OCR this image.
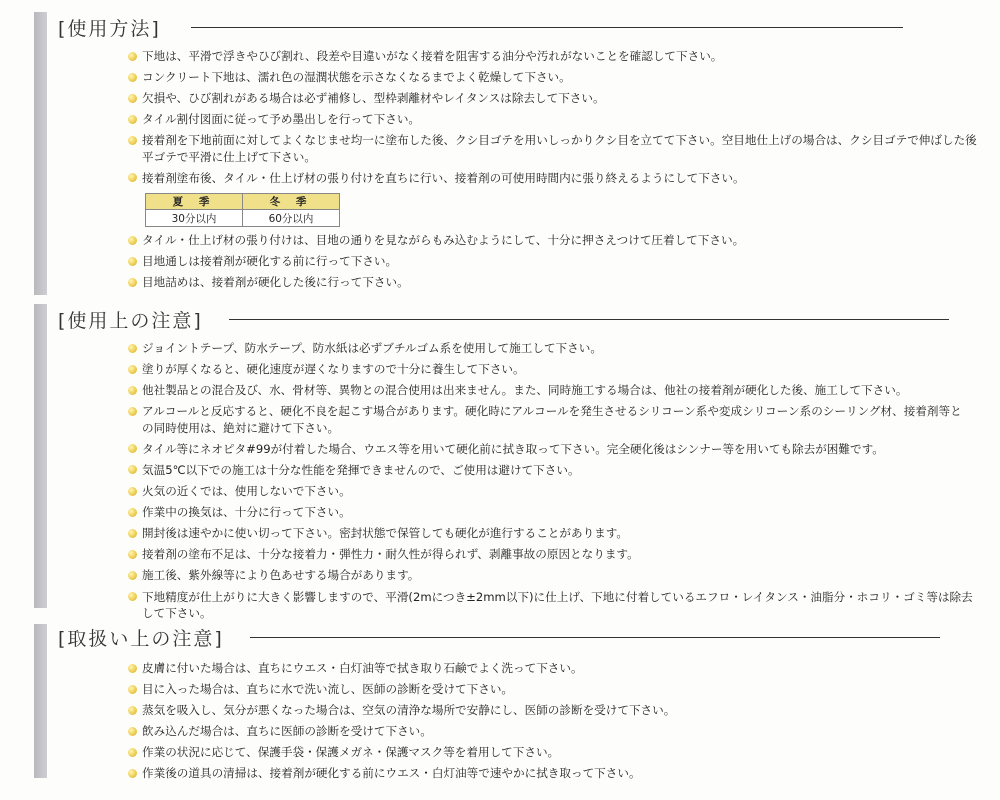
[使用方法]
下地は、平滑で浮きやひび割れ、段差や目違いがなく接着を阻害する油分や汚れがないことを確認して下さい。
コンクリート下地は、濡れ色の湿潤状態を示さなくなるまでよく乾燥して下さい。
欠損や、ひび割れがある場合は必ず補修し、型枠剥離材やレイタンスは除去して下さい。
タイル割付図面に従って予め墨出しを行って下さい。
接着剤を下地前面に対してよくなじませ均一に塗布した後、クシ目ゴテを用いしっかりクシ目を立てて下さい。空目地仕上げの場合は、クシ目ゴテで伸ばした後平ゴテで平滑に仕上げて下さい。
接着剤塗布後、タイル・仕上げ材の張り付けを直ちに行い、接着剤の可使用時間内に張り終えるようにして下さい。
夏 季	冬 季
30分以内	60分以内
タイル・仕上げ材の張り付けは、目地の通りを見ながらもみ込むようにして、十分に押さえつけて圧着して下さい。
目地通しは接着剤が硬化する前に行って下さい。
目地詰めは、接着剤が硬化した後に行って下さい。
[使用上の注意]
ジョイントテープ、防水テープ、防水紙は必ずブチルゴム系を使用して施工して下さい。
塗りが厚くなると、硬化速度が遅くなりますので十分に養生して下さい。
他社製品との混合及び、水、骨材等、異物との混合使用は出来ません。また、同時施工する場合は、他社の接着剤が硬化した後、施工して下さい。
アルコールと反応すると、硬化不良を起こす場合があります。硬化時にアルコールを発生させるシリコーン系や変成シリコーン系のシーリング材、接着剤等との同時使用は、絶対に避けて下さい。
タイル等にネオピタ#99が付着した場合、ウエス等を用いて硬化前に拭き取って下さい。完全硬化後はシンナー等を用いても除去が困難です。
気温5℃以下での施工は十分な性能を発揮できませんので、ご使用は避けて下さい。
火気の近くでは、使用しないで下さい。
作業中の換気は、十分に行って下さい。
開封後は速やかに使い切って下さい。密封状態で保管しても硬化が進行することがあります。
接着剤の塗布不足は、十分な接着力・弾性力・耐久性が得られず、剥離事故の原因となります。
施工後、紫外線等により色あせする場合があります。
下地精度が仕上がりに大きく影響しますので、平滑(2mにつき±2mm以下)に仕上げ、下地に付着しているエフロ・レイタンス・油脂分・ホコリ・ゴミ等は除去して下さい。
[取扱い上の注意]
皮膚に付いた場合は、直ちにウエス・白灯油等で拭き取り石鹸でよく洗って下さい。
目に入った場合は、直ちに水で洗い流し、医師の診断を受けて下さい。
蒸気を吸入し、気分が悪くなった場合は、空気の清浄な場所で安静にし、医師の診断を受けて下さい。
飲み込んだ場合は、直ちに医師の診断を受けて下さい。
作業の状況に応じて、保護手袋・保護メガネ・保護マスク等を着用して下さい。
作業後の道具の清掃は、接着剤が硬化する前にウエス・白灯油等で速やかに拭き取って下さい。
